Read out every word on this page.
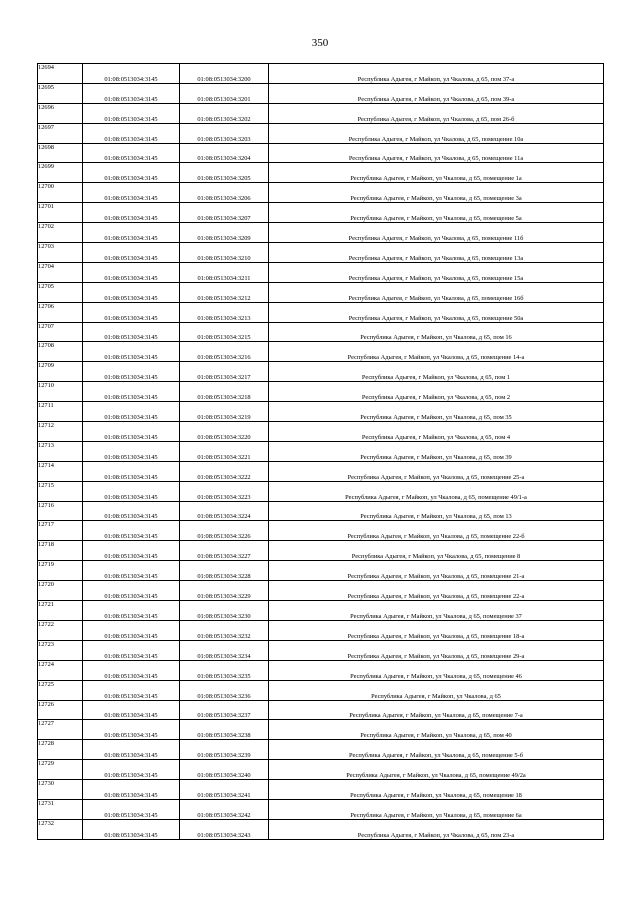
350
12694	01:08:0513034:3145	01:08:0513034:3200	Республика Адыгея, г Майкоп, ул Чкалова, д 65, пом 37-а
12695	01:08:0513034:3145	01:08:0513034:3201	Республика Адыгея, г Майкоп, ул Чкалова, д 65, пом 39-а
12696	01:08:0513034:3145	01:08:0513034:3202	Республика Адыгея, г Майкоп, ул Чкалова, д 65, пом 26-б
12697	01:08:0513034:3145	01:08:0513034:3203	Республика Адыгея, г Майкоп, ул Чкалова, д 65, помещение 10а
12698	01:08:0513034:3145	01:08:0513034:3204	Республика Адыгея, г Майкоп, ул Чкалова, д 65, помещение 11а
12699	01:08:0513034:3145	01:08:0513034:3205	Республика Адыгея, г Майкоп, ул Чкалова, д 65, помещение 1а
12700	01:08:0513034:3145	01:08:0513034:3206	Республика Адыгея, г Майкоп, ул Чкалова, д 65, помещение 3а
12701	01:08:0513034:3145	01:08:0513034:3207	Республика Адыгея, г Майкоп, ул Чкалова, д 65, помещение 5а
12702	01:08:0513034:3145	01:08:0513034:3209	Республика Адыгея, г Майкоп, ул Чкалова, д 65, помещение 11б
12703	01:08:0513034:3145	01:08:0513034:3210	Республика Адыгея, г Майкоп, ул Чкалова, д 65, помещение 13а
12704	01:08:0513034:3145	01:08:0513034:3211	Республика Адыгея, г Майкоп, ул Чкалова, д 65, помещение 15а
12705	01:08:0513034:3145	01:08:0513034:3212	Республика Адыгея, г Майкоп, ул Чкалова, д 65, помещение 16б
12706	01:08:0513034:3145	01:08:0513034:3213	Республика Адыгея, г Майкоп, ул Чкалова, д 65, помещение 50а
12707	01:08:0513034:3145	01:08:0513034:3215	Республика Адыгея, г Майкоп, ул Чкалова, д 65, пом 16
12708	01:08:0513034:3145	01:08:0513034:3216	Республика Адыгея, г Майкоп, ул Чкалова, д 65, помещение 14-а
12709	01:08:0513034:3145	01:08:0513034:3217	Республика Адыгея, г Майкоп, ул Чкалова, д 65, пом 1
12710	01:08:0513034:3145	01:08:0513034:3218	Республика Адыгея, г Майкоп, ул Чкалова, д 65, пом 2
12711	01:08:0513034:3145	01:08:0513034:3219	Республика Адыгея, г Майкоп, ул Чкалова, д 65, пом 35
12712	01:08:0513034:3145	01:08:0513034:3220	Республика Адыгея, г Майкоп, ул Чкалова, д 65, пом 4
12713	01:08:0513034:3145	01:08:0513034:3221	Республика Адыгея, г Майкоп, ул Чкалова, д 65, пом 39
12714	01:08:0513034:3145	01:08:0513034:3222	Республика Адыгея, г Майкоп, ул Чкалова, д 65, помещение 25-а
12715	01:08:0513034:3145	01:08:0513034:3223	Республика Адыгея, г Майкоп, ул Чкалова, д 65, помещение 49/1-а
12716	01:08:0513034:3145	01:08:0513034:3224	Республика Адыгея, г Майкоп, ул Чкалова, д 65, пом 13
12717	01:08:0513034:3145	01:08:0513034:3226	Республика Адыгея, г Майкоп, ул Чкалова, д 65, помещение 22-б
12718	01:08:0513034:3145	01:08:0513034:3227	Республика Адыгея, г Майкоп, ул Чкалова, д 65, помещение 8
12719	01:08:0513034:3145	01:08:0513034:3228	Республика Адыгея, г Майкоп, ул Чкалова, д 65, помещение 21-а
12720	01:08:0513034:3145	01:08:0513034:3229	Республика Адыгея, г Майкоп, ул Чкалова, д 65, помещение 22-а
12721	01:08:0513034:3145	01:08:0513034:3230	Республика Адыгея, г Майкоп, ул Чкалова, д 65, помещение 37
12722	01:08:0513034:3145	01:08:0513034:3232	Республика Адыгея, г Майкоп, ул Чкалова, д 65, помещение 18-а
12723	01:08:0513034:3145	01:08:0513034:3234	Республика Адыгея, г Майкоп, ул Чкалова, д 65, помещение 29-а
12724	01:08:0513034:3145	01:08:0513034:3235	Республика Адыгея, г Майкоп, ул Чкалова, д 65, помещение 46
12725	01:08:0513034:3145	01:08:0513034:3236	Республика Адыгея, г Майкоп, ул Чкалова, д 65
12726	01:08:0513034:3145	01:08:0513034:3237	Республика Адыгея, г Майкоп, ул Чкалова, д 65, помещение 7-а
12727	01:08:0513034:3145	01:08:0513034:3238	Республика Адыгея, г Майкоп, ул Чкалова, д 65, пом 40
12728	01:08:0513034:3145	01:08:0513034:3239	Республика Адыгея, г Майкоп, ул Чкалова, д 65, помещение 5-б
12729	01:08:0513034:3145	01:08:0513034:3240	Республика Адыгея, г Майкоп, ул Чкалова, д 65, помещение 49/2а
12730	01:08:0513034:3145	01:08:0513034:3241	Республика Адыгея, г Майкоп, ул Чкалова, д 65, помещение 18
12731	01:08:0513034:3145	01:08:0513034:3242	Республика Адыгея, г Майкоп, ул Чкалова, д 65, помещение 6а
12732	01:08:0513034:3145	01:08:0513034:3243	Республика Адыгея, г Майкоп, ул Чкалова, д 65, пом 23-а
